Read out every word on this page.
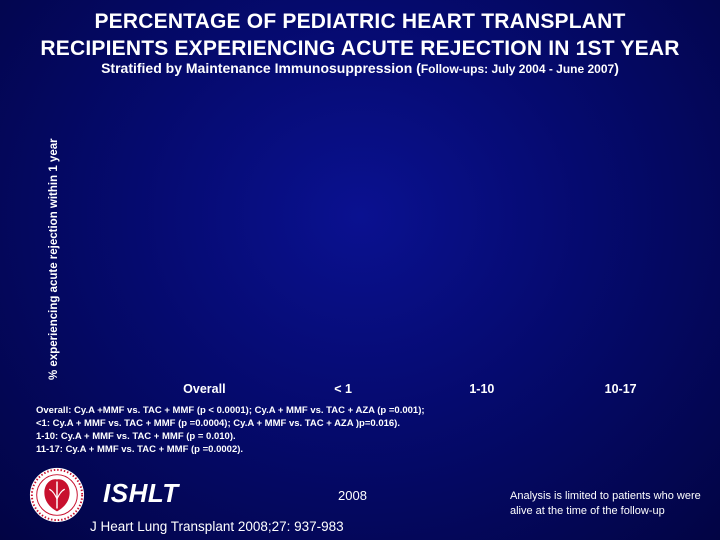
PERCENTAGE OF PEDIATRIC HEART TRANSPLANT
RECIPIENTS EXPERIENCING ACUTE REJECTION IN 1ST YEAR
Stratified by Maintenance Immunosuppression (Follow-ups: July 2004 - June 2007)
% experiencing acute rejection within 1 year
Overall	< 1	1-10	10-17
Overall: Cy.A +MMF vs. TAC + MMF (p < 0.0001); Cy.A + MMF vs. TAC + AZA (p =0.001);
<1: Cy.A + MMF vs. TAC + MMF (p =0.0004); Cy.A + MMF vs. TAC + AZA )p=0.016).
1-10: Cy.A + MMF vs. TAC + MMF (p = 0.010).
11-17: Cy.A + MMF vs. TAC + MMF (p =0.0002).
ISHLT	2008
J Heart Lung Transplant 2008;27: 937-983
Analysis is limited to patients who were alive at the time of the follow-up
